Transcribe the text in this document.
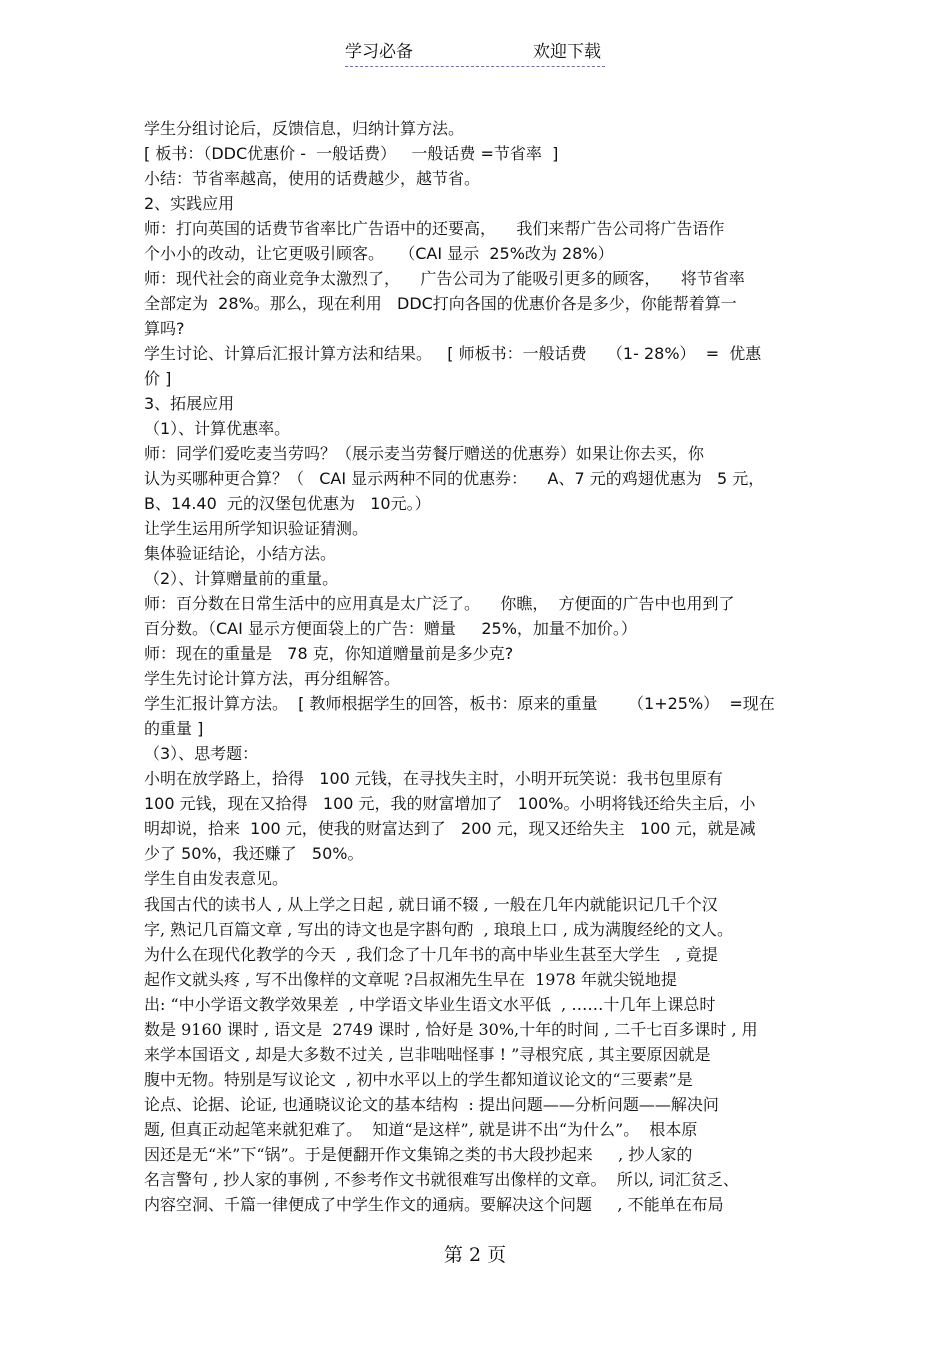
学习必备	欢迎下载
学生分组讨论后，反馈信息，归纳计算方法。
[ 板书：（DDC优惠价 -  一般话费）   一般话费 =节省率  ]
小结：节省率越高，使用的话费越少，越节省。
2、实践应用
师：打向英国的话费节省率比广告语中的还要高，    我们来帮广告公司将广告语作
个小小的改动，让它更吸引顾客。   （CAI 显示  25%改为 28%）
师：现代社会的商业竞争太激烈了，    广告公司为了能吸引更多的顾客，    将节省率
全部定为  28%。那么，现在利用   DDC打向各国的优惠价各是多少，你能帮着算一
算吗?
学生讨论、计算后汇报计算方法和结果。   [ 师板书：一般话费    （1- 28%）  =  优惠
价 ]
3、拓展应用
（1）、计算优惠率。
师：同学们爱吃麦当劳吗？（展示麦当劳餐厅赠送的优惠券）如果让你去买，你
认为买哪种更合算？（   CAI 显示两种不同的优惠券：    A、7 元的鸡翅优惠为   5 元，
B、14.40  元的汉堡包优惠为   10元。）
让学生运用所学知识验证猜测。
集体验证结论，小结方法。
（2）、计算赠量前的重量。
师：百分数在日常生活中的应用真是太广泛了。    你瞧，  方便面的广告中也用到了
百分数。（CAI 显示方便面袋上的广告：赠量     25%，加量不加价。）
师：现在的重量是   78 克，你知道赠量前是多少克?
学生先讨论计算方法，再分组解答。
学生汇报计算方法。  [ 教师根据学生的回答，板书：原来的重量      （1+25%）  =现在
的重量 ]
（3）、思考题：
小明在放学路上，拾得   100 元钱，在寻找失主时，小明开玩笑说：我书包里原有
100 元钱，现在又拾得   100 元，我的财富增加了   100%。小明将钱还给失主后，小
明却说，拾来  100 元，使我的财富达到了   200 元，现又还给失主   100 元，就是减
少了 50%，我还赚了   50%。
学生自由发表意见。
我国古代的读书人 , 从上学之日起 , 就日诵不辍 , 一般在几年内就能识记几千个汉
字, 熟记几百篇文章 , 写出的诗文也是字斟句酌  , 琅琅上口 , 成为满腹经纶的文人。
为什么在现代化教学的今天  , 我们念了十几年书的高中毕业生甚至大学生   , 竟提
起作文就头疼 , 写不出像样的文章呢 ?吕叔湘先生早在  1978 年就尖锐地提
出: “中小学语文教学效果差  , 中学语文毕业生语文水平低  , ……十几年上课总时
数是 9160 课时 , 语文是  2749 课时 , 恰好是 30%,十年的时间 , 二千七百多课时 , 用
来学本国语文 , 却是大多数不过关 , 岂非咄咄怪事 ! ”寻根究底 , 其主要原因就是
腹中无物。特别是写议论文  , 初中水平以上的学生都知道议论文的“三要素”是
论点、论据、论证, 也通晓议论文的基本结构  : 提出问题——分析问题——解决问
题, 但真正动起笔来就犯难了。  知道“是这样”, 就是讲不出“为什么”。  根本原
因还是无“米”下“锅”。于是便翻开作文集锦之类的书大段抄起来     , 抄人家的
名言警句 , 抄人家的事例 , 不参考作文书就很难写出像样的文章。  所以, 词汇贫乏、
内容空洞、千篇一律便成了中学生作文的通病。要解决这个问题     , 不能单在布局
第 2 页
